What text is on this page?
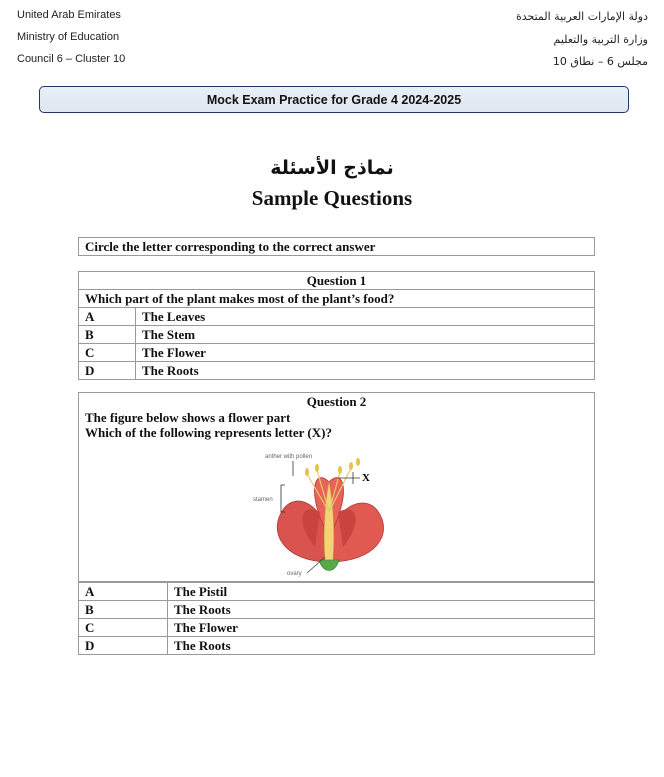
United Arab Emirates
Ministry of Education
Council 6 – Cluster 10
دولة الإمارات العربية المتحدة
وزارة التربية والتعليم
مجلس 6 – نطاق 10
Mock Exam Practice for Grade 4 2024-2025
نماذج الأسئلة
Sample Questions
Circle the letter corresponding to the correct answer
Question 1	
Which part of the plant makes most of the plant’s food?	
A	The Leaves
B	The Stem
C	The Flower
D	The Roots
Question 2
The figure below shows a flower part
Which of the following represents letter (X)?
anther with pollen
stamen
X
ovary
A	The Pistil
B	The Roots
C	The Flower
D	The Roots
